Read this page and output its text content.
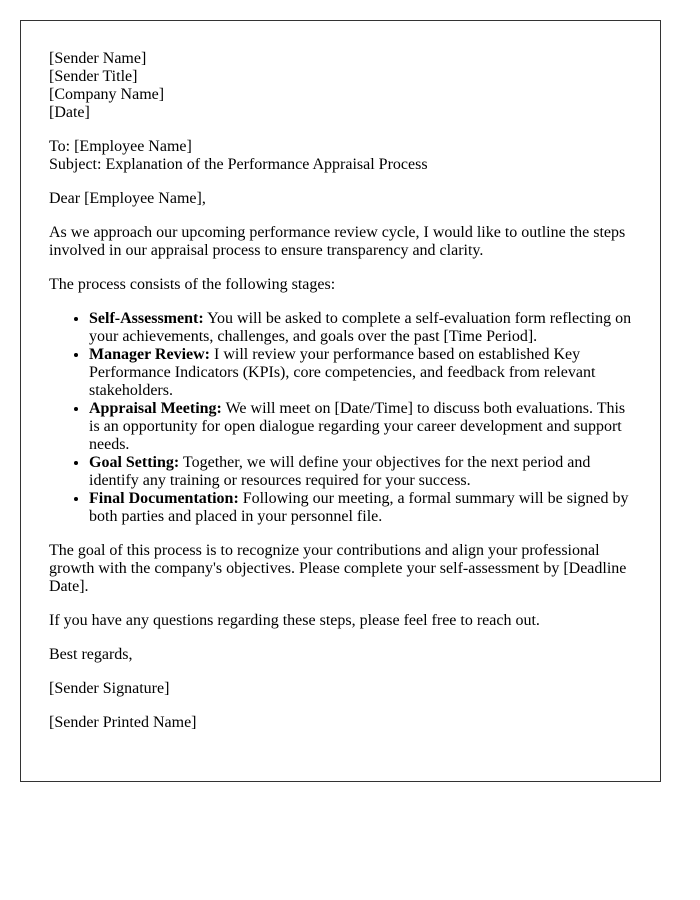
[Sender Name]
[Sender Title]
[Company Name]
[Date]
To: [Employee Name]
Subject: Explanation of the Performance Appraisal Process

Dear [Employee Name],

As we approach our upcoming performance review cycle, I would like to outline the steps involved in our appraisal process to ensure transparency and clarity.

The process consists of the following stages:

• Self-Assessment: You will be asked to complete a self-evaluation form reflecting on your achievements, challenges, and goals over the past [Time Period].
• Manager Review: I will review your performance based on established Key Performance Indicators (KPIs), core competencies, and feedback from relevant stakeholders.
• Appraisal Meeting: We will meet on [Date/Time] to discuss both evaluations. This is an opportunity for open dialogue regarding your career development and support needs.
• Goal Setting: Together, we will define your objectives for the next period and identify any training or resources required for your success.
• Final Documentation: Following our meeting, a formal summary will be signed by both parties and placed in your personnel file.

The goal of this process is to recognize your contributions and align your professional growth with the company's objectives. Please complete your self-assessment by [Deadline Date].

If you have any questions regarding these steps, please feel free to reach out.

Best regards,

[Sender Signature]

[Sender Printed Name]
